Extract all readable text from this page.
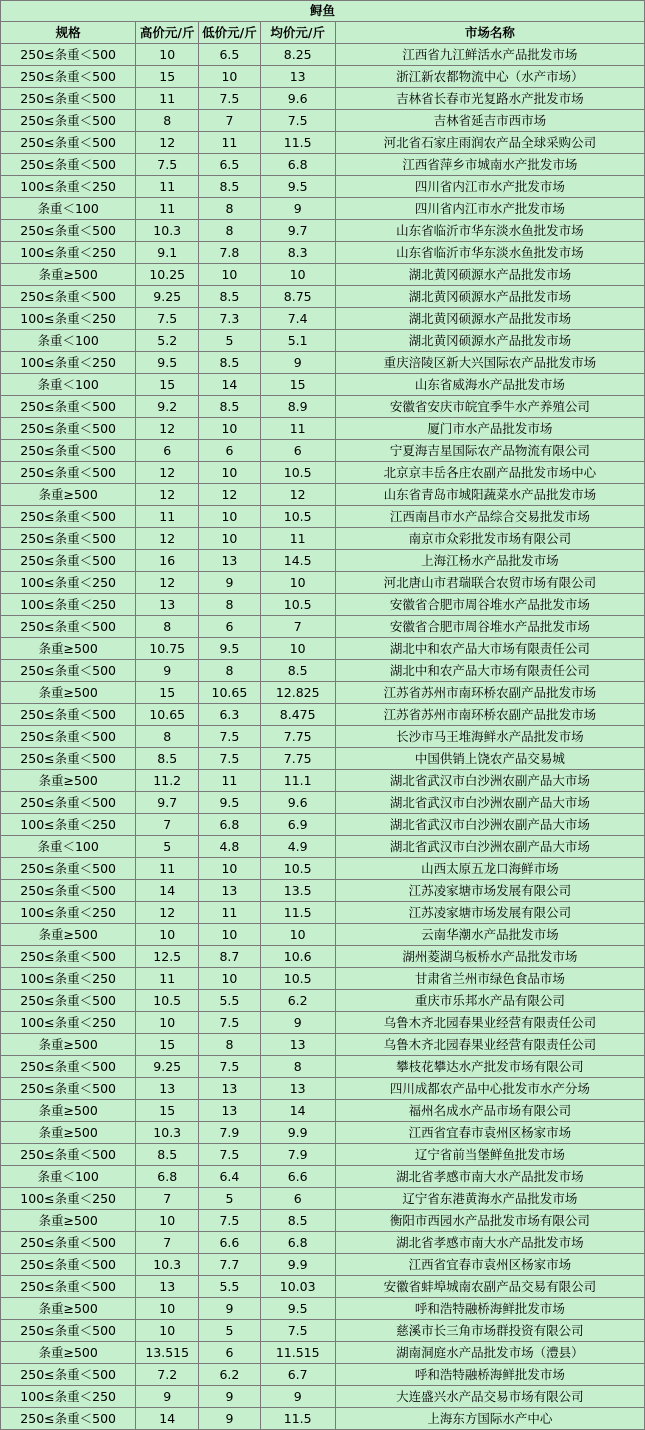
鲟鱼				
规格	高价元/斤	低价元/斤	均价元/斤	市场名称
250≤条重＜500	10	6.5	8.25	江西省九江鲜活水产品批发市场
250≤条重＜500	15	10	13	浙江新农都物流中心（水产市场）
250≤条重＜500	11	7.5	9.6	吉林省长春市光复路水产批发市场
250≤条重＜500	8	7	7.5	吉林省延吉市西市场
250≤条重＜500	12	11	11.5	河北省石家庄雨润农产品全球采购公司
250≤条重＜500	7.5	6.5	6.8	江西省萍乡市城南水产批发市场
100≤条重＜250	11	8.5	9.5	四川省内江市水产批发市场
条重＜100	11	8	9	四川省内江市水产批发市场
250≤条重＜500	10.3	8	9.7	山东省临沂市华东淡水鱼批发市场
100≤条重＜250	9.1	7.8	8.3	山东省临沂市华东淡水鱼批发市场
条重≥500	10.25	10	10	湖北黄冈硕源水产品批发市场
250≤条重＜500	9.25	8.5	8.75	湖北黄冈硕源水产品批发市场
100≤条重＜250	7.5	7.3	7.4	湖北黄冈硕源水产品批发市场
条重＜100	5.2	5	5.1	湖北黄冈硕源水产品批发市场
100≤条重＜250	9.5	8.5	9	重庆涪陵区新大兴国际农产品批发市场
条重＜100	15	14	15	山东省威海水产品批发市场
250≤条重＜500	9.2	8.5	8.9	安徽省安庆市皖宜季牛水产养殖公司
250≤条重＜500	12	10	11	厦门市水产品批发市场
250≤条重＜500	6	6	6	宁夏海吉星国际农产品物流有限公司
250≤条重＜500	12	10	10.5	北京京丰岳各庄农副产品批发市场中心
条重≥500	12	12	12	山东省青岛市城阳蔬菜水产品批发市场
250≤条重＜500	11	10	10.5	江西南昌市水产品综合交易批发市场
250≤条重＜500	12	10	11	南京市众彩批发市场有限公司
250≤条重＜500	16	13	14.5	上海江杨水产品批发市场
100≤条重＜250	12	9	10	河北唐山市君瑞联合农贸市场有限公司
100≤条重＜250	13	8	10.5	安徽省合肥市周谷堆水产品批发市场
250≤条重＜500	8	6	7	安徽省合肥市周谷堆水产品批发市场
条重≥500	10.75	9.5	10	湖北中和农产品大市场有限责任公司
250≤条重＜500	9	8	8.5	湖北中和农产品大市场有限责任公司
条重≥500	15	10.65	12.825	江苏省苏州市南环桥农副产品批发市场
250≤条重＜500	10.65	6.3	8.475	江苏省苏州市南环桥农副产品批发市场
250≤条重＜500	8	7.5	7.75	长沙市马王堆海鲜水产品批发市场
250≤条重＜500	8.5	7.5	7.75	中国供销上饶农产品交易城
条重≥500	11.2	11	11.1	湖北省武汉市白沙洲农副产品大市场
250≤条重＜500	9.7	9.5	9.6	湖北省武汉市白沙洲农副产品大市场
100≤条重＜250	7	6.8	6.9	湖北省武汉市白沙洲农副产品大市场
条重＜100	5	4.8	4.9	湖北省武汉市白沙洲农副产品大市场
250≤条重＜500	11	10	10.5	山西太原五龙口海鲜市场
250≤条重＜500	14	13	13.5	江苏凌家塘市场发展有限公司
100≤条重＜250	12	11	11.5	江苏凌家塘市场发展有限公司
条重≥500	10	10	10	云南华潮水产品批发市场
250≤条重＜500	12.5	8.7	10.6	湖州菱湖乌板桥水产品批发市场
100≤条重＜250	11	10	10.5	甘肃省兰州市绿色食品市场
250≤条重＜500	10.5	5.5	6.2	重庆市乐邦水产品有限公司
100≤条重＜250	10	7.5	9	乌鲁木齐北园春果业经营有限责任公司
条重≥500	15	8	13	乌鲁木齐北园春果业经营有限责任公司
250≤条重＜500	9.25	7.5	8	攀枝花攀达水产批发市场有限公司
250≤条重＜500	13	13	13	四川成都农产品中心批发市水产分场
条重≥500	15	13	14	福州名成水产品市场有限公司
条重≥500	10.3	7.9	9.9	江西省宜春市袁州区杨家市场
250≤条重＜500	8.5	7.5	7.9	辽宁省前当堡鲜鱼批发市场
条重＜100	6.8	6.4	6.6	湖北省孝感市南大水产品批发市场
100≤条重＜250	7	5	6	辽宁省东港黄海水产品批发市场
条重≥500	10	7.5	8.5	衡阳市西园水产品批发市场有限公司
250≤条重＜500	7	6.6	6.8	湖北省孝感市南大水产品批发市场
250≤条重＜500	10.3	7.7	9.9	江西省宜春市袁州区杨家市场
250≤条重＜500	13	5.5	10.03	安徽省蚌埠城南农副产品交易有限公司
条重≥500	10	9	9.5	呼和浩特融桥海鲜批发市场
250≤条重＜500	10	5	7.5	慈溪市长三角市场群投资有限公司
条重≥500	13.515	6	11.515	湖南洞庭水产品批发市场（澧县）
250≤条重＜500	7.2	6.2	6.7	呼和浩特融桥海鲜批发市场
100≤条重＜250	9	9	9	大连盛兴水产品交易市场有限公司
250≤条重＜500	14	9	11.5	上海东方国际水产中心
